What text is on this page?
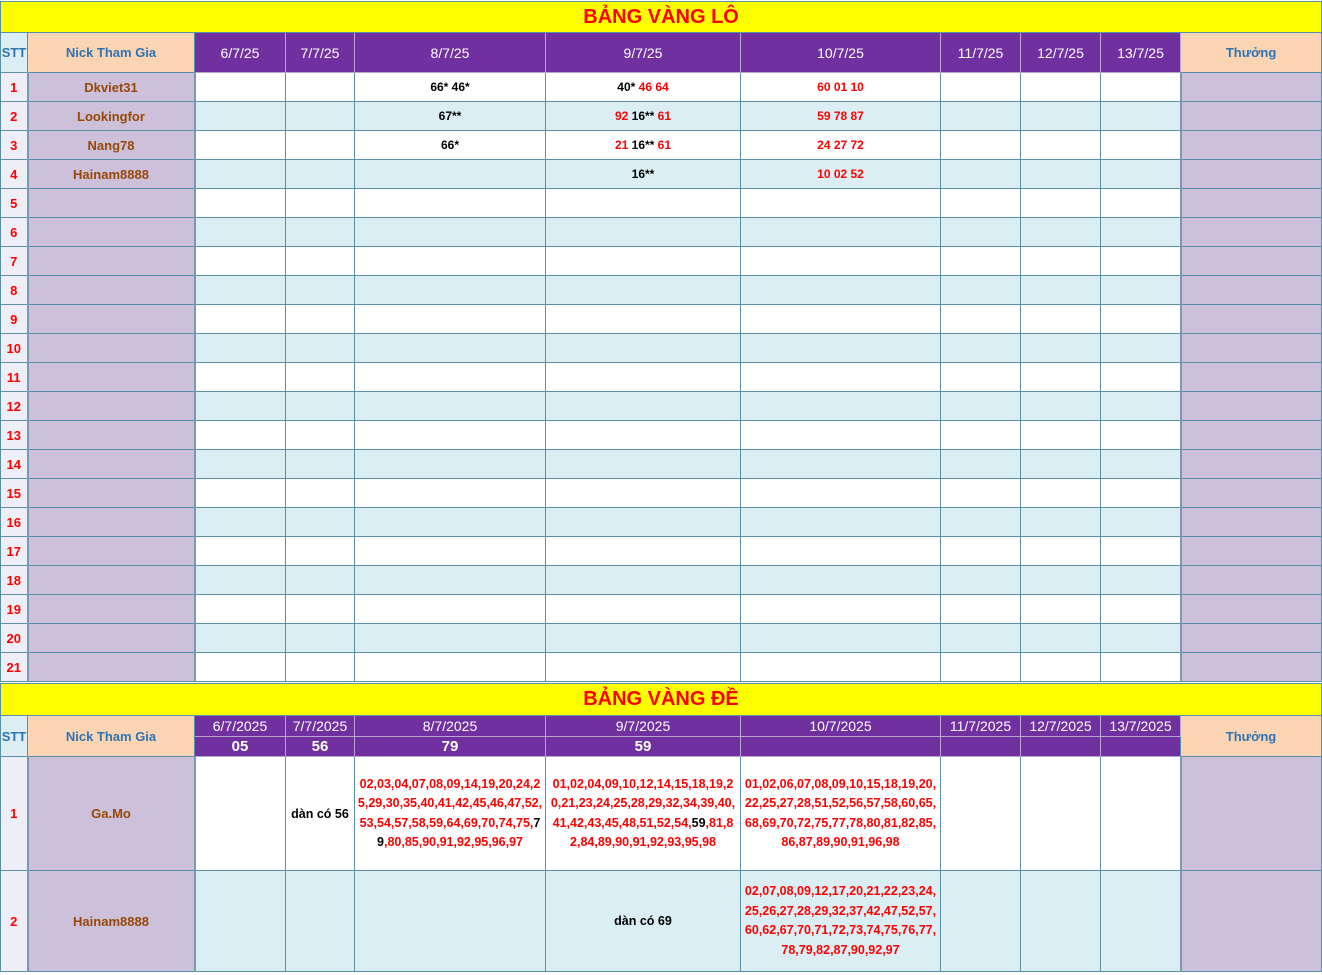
BẢNG VÀNG LÔ										
STT	Nick Tham Gia	6/7/25	7/7/25	8/7/25	9/7/25	10/7/25	11/7/25	12/7/25	13/7/25	Thưởng
1	Dkviet31			66* 46*	40* 46 64	60 01 10				
2	Lookingfor			67**	92 16** 61	59 78 87				
3	Nang78			66*	21 16** 61	24 27 72				
4	Hainam8888				16**	10 02 52				
5										
6										
7										
8										
9										
10										
11										
12										
13										
14										
15										
16										
17										
18										
19										
20										
21										
BẢNG VÀNG ĐỀ										
STT	Nick Tham Gia	6/7/2025	7/7/2025	8/7/2025	9/7/2025	10/7/2025	11/7/2025	12/7/2025	13/7/2025	Thưởng
		05	56	79	59					
1	Ga.Mo		dàn có 56	02,03,04,07,08,09,14,19,20,24,25,29,30,35,40,41,42,45,46,47,52,53,54,57,58,59,64,69,70,74,75,79,80,85,90,91,92,95,96,97	01,02,04,09,10,12,14,15,18,19,20,21,23,24,25,28,29,32,34,39,40,41,42,43,45,48,51,52,54,59,81,82,84,89,90,91,92,93,95,98	01,02,06,07,08,09,10,15,18,19,20,22,25,27,28,51,52,56,57,58,60,65,68,69,70,72,75,77,78,80,81,82,85,86,87,89,90,91,96,98				

2	Hainam8888				dàn có 69	02,07,08,09,12,17,20,21,22,23,24,25,26,27,28,29,32,37,42,47,52,57,60,62,67,70,71,72,73,74,75,76,77,78,79,82,87,90,92,97				
